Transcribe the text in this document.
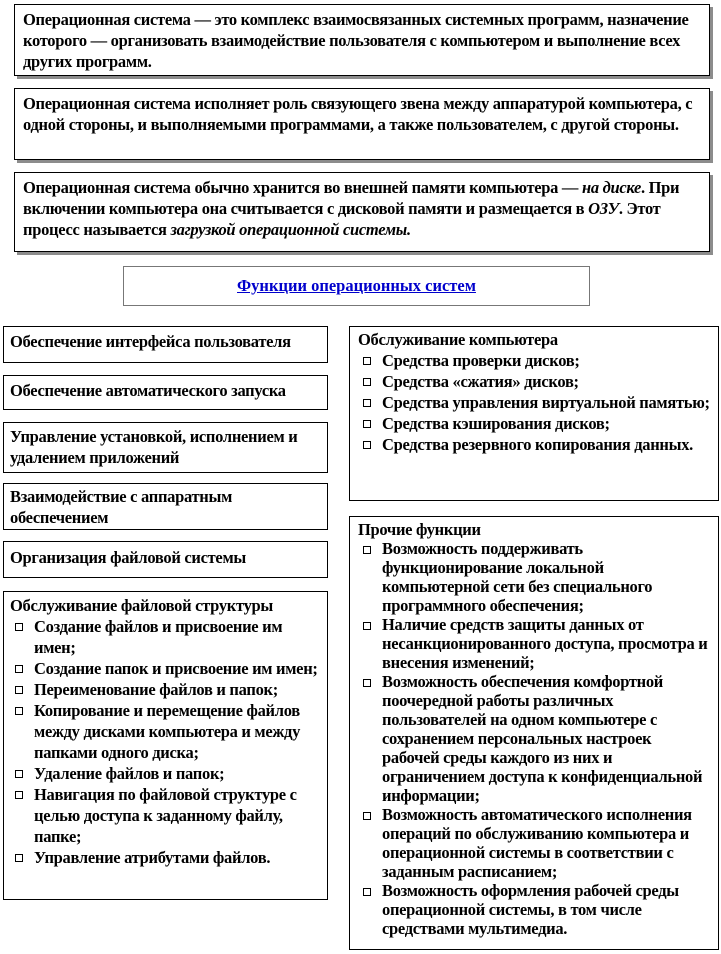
Операционная система — это комплекс взаимосвязанных системных программ, назначение которого — организовать взаимодействие пользователя с компьютером и выполнение всех других программ.

Операционная система исполняет роль связующего звена между аппаратурой компьютера, с одной стороны, и выполняемыми программами, а также пользователем, с другой стороны.

Операционная система обычно хранится во внешней памяти компьютера — на диске. При включении компьютера она считывается с дисковой памяти и размещается в ОЗУ. Этот процесс называется загрузкой операционной системы.

Функции операционных систем

Обеспечение интерфейса пользователя

Обеспечение автоматического запуска

Управление установкой, исполнением и удалением приложений

Взаимодействие с аппаратным обеспечением

Организация файловой системы

Обслуживание файловой структуры

Создание файлов и присвоение им имен;
Создание папок и присвоение им имен;
Переименование файлов и папок;
Копирование и перемещение файлов между дисками компьютера и между папками одного диска;
Удаление файлов и папок;
Навигация по файловой структуре с целью доступа к заданному файлу, папке;
Управление атрибутами файлов.

Обслуживание компьютера

Средства проверки дисков;
Средства «сжатия» дисков;
Средства управления виртуальной памятью;
Средства кэширования дисков;
Средства резервного копирования данных.

Прочие функции

Возможность поддерживать функционирование локальной компьютерной сети без специального программного обеспечения;
Наличие средств защиты данных от несанкционированного доступа, просмотра и внесения изменений;
Возможность обеспечения комфортной поочередной работы различных пользователей на одном компьютере с сохранением персональных настроек рабочей среды каждого из них и ограничением доступа к конфиденциальной информации;
Возможность автоматического исполнения операций по обслуживанию компьютера и операционной системы в соответствии с заданным расписанием;
Возможность оформления рабочей среды операционной системы, в том числе средствами мультимедиа.
